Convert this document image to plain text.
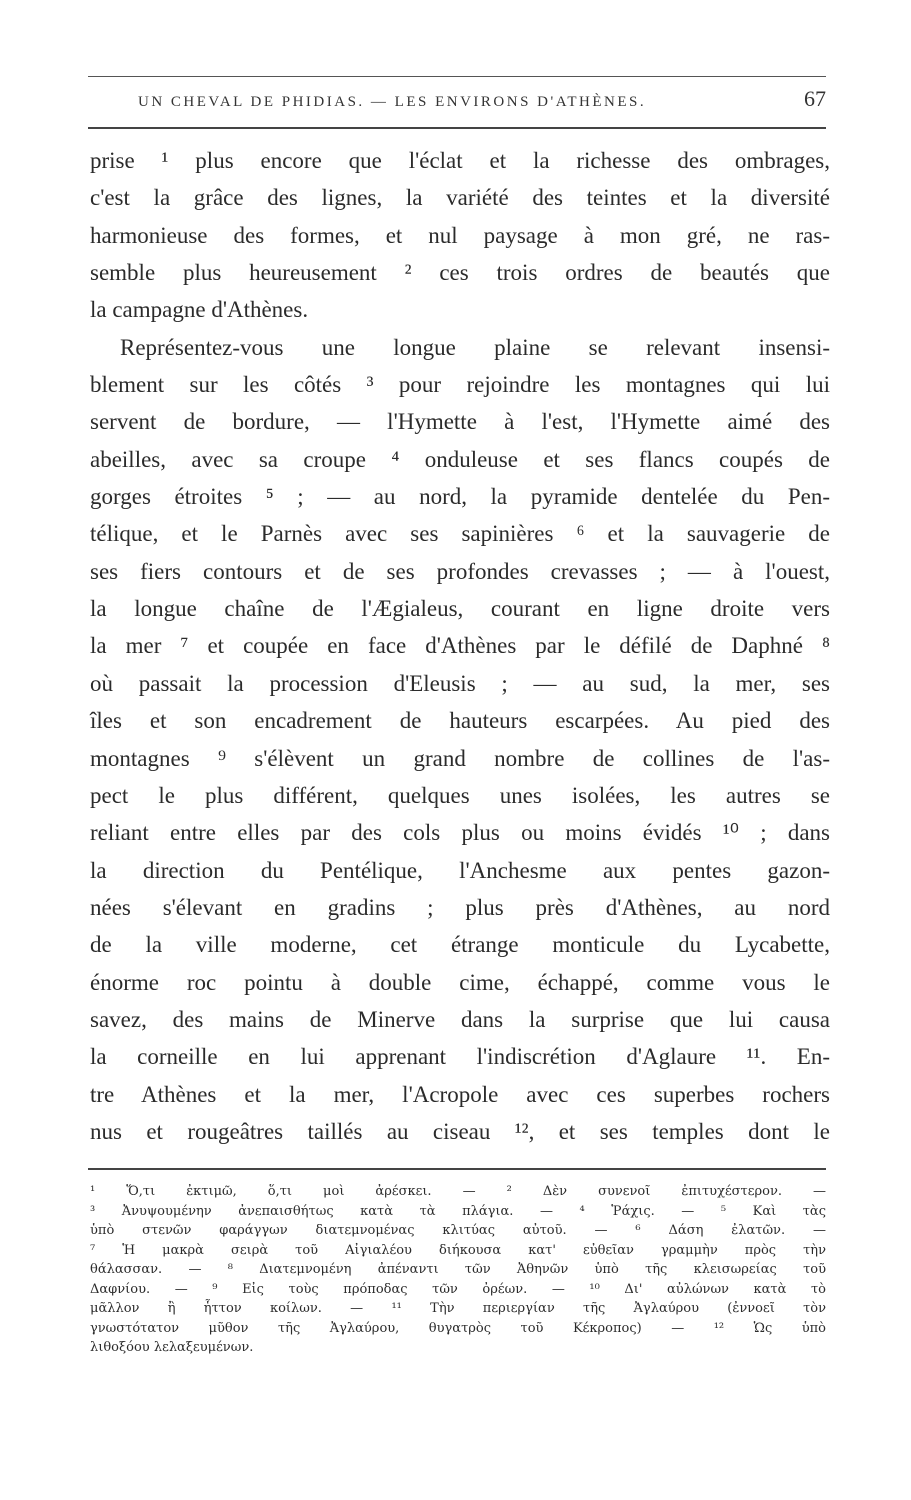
UN CHEVAL DE PHIDIAS. — LES ENVIRONS D'ATHÈNES.	67
prise ¹ plus encore que l'éclat et la richesse des ombrages,
c'est la grâce des lignes, la variété des teintes et la diversité
harmonieuse des formes, et nul paysage à mon gré, ne ras-
semble plus heureusement ² ces trois ordres de beautés que
la campagne d'Athènes.
Représentez-vous une longue plaine se relevant insensi-
blement sur les côtés ³ pour rejoindre les montagnes qui lui
servent de bordure, — l'Hymette à l'est, l'Hymette aimé des
abeilles, avec sa croupe ⁴ onduleuse et ses flancs coupés de
gorges étroites ⁵ ; — au nord, la pyramide dentelée du Pen-
télique, et le Parnès avec ses sapinières ⁶ et la sauvagerie de
ses fiers contours et de ses profondes crevasses ; — à l'ouest,
la longue chaîne de l'Ægialeus, courant en ligne droite vers
la mer ⁷ et coupée en face d'Athènes par le défilé de Daphné ⁸
où passait la procession d'Eleusis ; — au sud, la mer, ses
îles et son encadrement de hauteurs escarpées. Au pied des
montagnes ⁹ s'élèvent un grand nombre de collines de l'as-
pect le plus différent, quelques unes isolées, les autres se
reliant entre elles par des cols plus ou moins évidés ¹⁰ ; dans
la direction du Pentélique, l'Anchesme aux pentes gazon-
nées s'élevant en gradins ; plus près d'Athènes, au nord
de la ville moderne, cet étrange monticule du Lycabette,
énorme roc pointu à double cime, échappé, comme vous le
savez, des mains de Minerve dans la surprise que lui causa
la corneille en lui apprenant l'indiscrétion d'Aglaure ¹¹. En-
tre Athènes et la mer, l'Acropole avec ces superbes rochers
nus et rougeâtres taillés au ciseau ¹², et ses temples dont le
¹ Ὅ,τι ἐκτιμῶ, ὅ,τι μοὶ ἀρέσκει. — ² Δὲν συνενοῖ ἐπιτυχέστερον. —
³ Ἀνυψουμένην ἀνεπαισθήτως κατὰ τὰ πλάγια. — ⁴ Ῥάχις. — ⁵ Καὶ τὰς
ὑπὸ στενῶν φαράγγων διατεμνομένας κλιτύας αὐτοῦ. — ⁶ Δάση ἐλατῶν. —
⁷ Ἡ μακρὰ σειρὰ τοῦ Αἰγιαλέου διήκουσα κατ' εὐθεῖαν γραμμὴν πρὸς τὴν
θάλασσαν. — ⁸ Διατεμνομένη ἀπέναντι τῶν Ἀθηνῶν ὑπὸ τῆς κλεισωρείας τοῦ
Δαφνίου. — ⁹ Εἰς τοὺς πρόποδας τῶν ὀρέων. — ¹⁰ Δι' αὐλώνων κατὰ τὸ
μᾶλλον ἢ ἧττον κοίλων. — ¹¹ Τὴν περιεργίαν τῆς Ἀγλαύρου (ἐννοεῖ τὸν
γνωστότατον μῦθον τῆς Ἀγλαύρου, θυγατρὸς τοῦ Κέκροπος) — ¹² Ὡς ὑπὸ
λιθοξόου λελαξευμένων.
